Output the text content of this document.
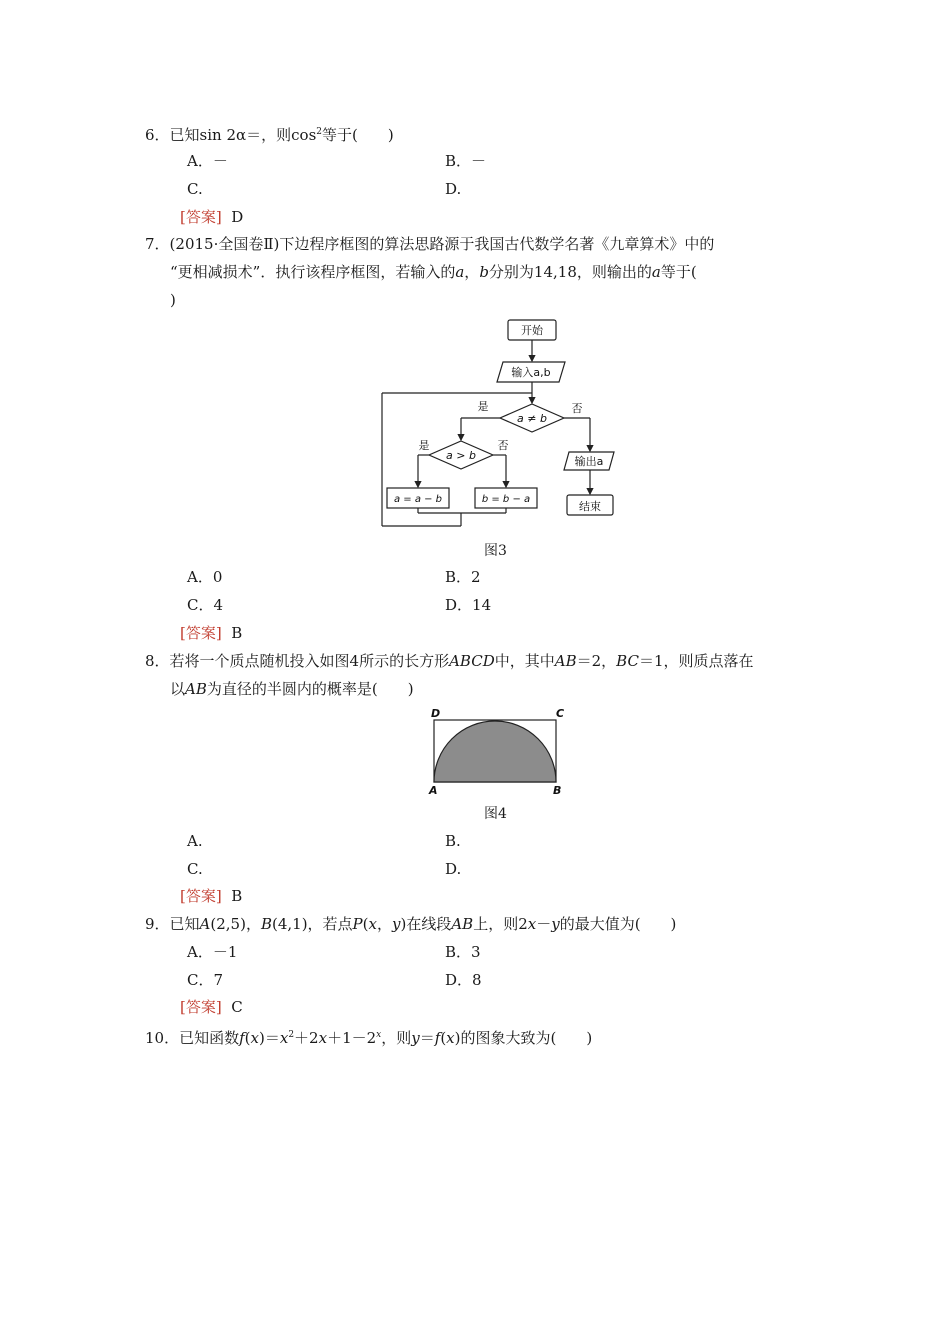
6．已知sin 2α＝，则$\cos^2$等于(　　)
A．－	B．－
C.	D.
[答案] D
7．(2015·全国卷Ⅱ)下边程序框图的算法思路源于我国古代数学名著《九章算术》中的
“更相减损术”．执行该程序框图，若输入的a，b分别为14,18，则输出的a等于(
)
开始
输入a,b
a ≠ b
是	否
a > b
是	否
a = a − b	b = b − a
输出a
结束
图3
A．0	B．2
C．4	D．14
[答案] B
8．若将一个质点随机投入如图4所示的长方形ABCD中，其中AB＝2，BC＝1，则质点落在
以AB为直径的半圆内的概率是(　　)
D	C
A	B
图4
A.	B.
C.	D.
[答案] B
9．已知A(2,5)，B(4,1)，若点P(x，y)在线段AB上，则2x－y的最大值为(　　)
A．－1	B．3
C．7	D．8
[答案] C
10．已知函数$f(x)=x^2+2x+1-2^x$，则y＝f(x)的图象大致为(　　)
